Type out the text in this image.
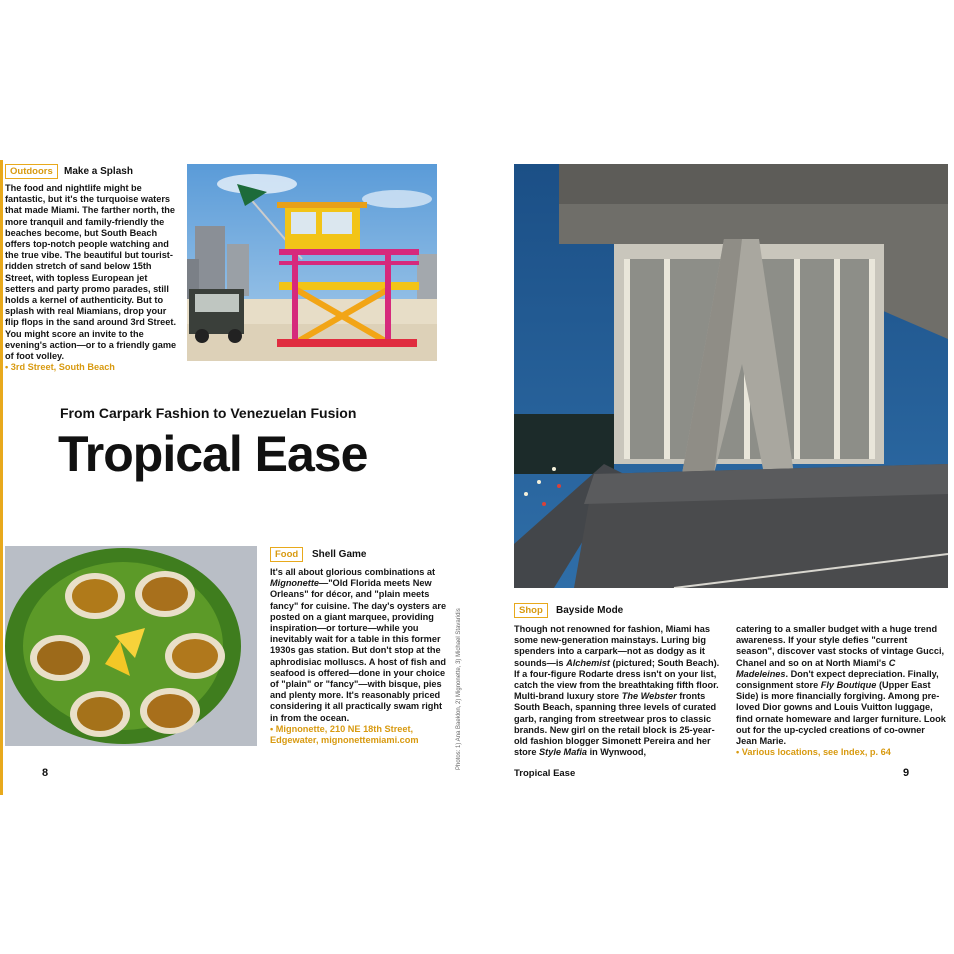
Outdoors	Make a Splash

The food and nightlife might be fantastic, but it's the turquoise waters that made Miami. The farther north, the more tranquil and family-friendly the beaches become, but South Beach offers top-notch people watching and the true vibe. The beautiful but tourist-ridden stretch of sand below 15th Street, with topless European jet setters and party promo parades, still holds a kernel of authenticity. But to splash with real Miamians, drop your flip flops in the sand around 3rd Street. You might score an invite to the evening's action—or to a friendly game of foot volley.

• 3rd Street, South Beach

From Carpark Fashion to Venezuelan Fusion
Tropical Ease
Food	Shell Game

It's all about glorious combinations at Mignonette—"Old Florida meets New Orleans" for décor, and "plain meets fancy" for cuisine. The day's oysters are posted on a giant marquee, providing inspiration—or torture—while you inevitably wait for a table in this former 1930s gas station. But don't stop at the aphrodisiac molluscs. A host of fish and seafood is offered—done in your choice of "plain" or "fancy"—with bisque, pies and plenty more. It's reasonably priced considering it all practically swam right in from the ocean.

• Mignonette, 210 NE 18th Street, Edgewater, mignonettemiami.com	Photos: 1) Ana Baeklon, 2) Mignonette, 3) Michael Stavaridis
8
Shop	Bayside Mode

Though not renowned for fashion, Miami has some new-generation mainstays. Luring big spenders into a carpark—not as dodgy as it sounds—is Alchemist (pictured; South Beach). If a four-figure Rodarte dress isn't on your list, catch the view from the breathtaking fifth floor. Multi-brand luxury store The Webster fronts South Beach, spanning three levels of curated garb, ranging from streetwear pros to classic brands. New girl on the retail block is 25-year-old fashion blogger Simonett Pereira and her store Style Mafia in Wynwood,

catering to a smaller budget with a huge trend awareness. If your style defies "current season", discover vast stocks of vintage Gucci, Chanel and so on at North Miami's C Madeleines. Don't expect depreciation. Finally, consignment store Fly Boutique (Upper East Side) is more financially forgiving. Among pre-loved Dior gowns and Louis Vuitton luggage, find ornate homeware and larger furniture. Look out for the up-cycled creations of co-owner Jean Marie.

• Various locations, see Index, p. 64

Tropical Ease	9
